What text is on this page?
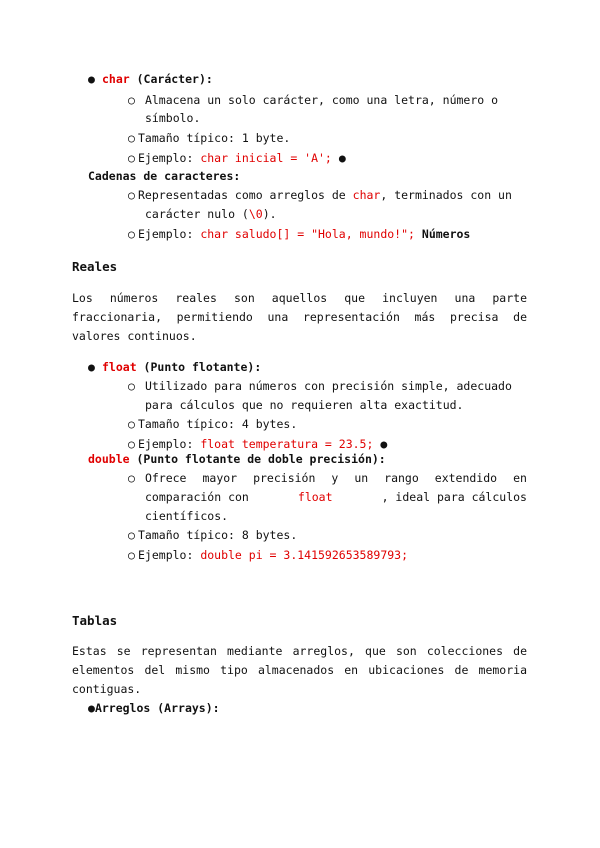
● char (Carácter):
○ Almacena un solo carácter, como una letra, número o
símbolo.
○ Tamaño típico: 1 byte.
○ Ejemplo: char inicial = 'A'; ●
Cadenas de caracteres:
○ Representadas como arreglos de char, terminados con un
carácter nulo (\0).
○ Ejemplo: char saludo[] = "Hola, mundo!"; Números
Reales
Los números reales son aquellos que incluyen una parte
fraccionaria, permitiendo una representación más precisa de
valores continuos.
● float (Punto flotante):
○ Utilizado para números con precisión simple, adecuado
para cálculos que no requieren alta exactitud.
○ Tamaño típico: 4 bytes.
○ Ejemplo: float temperatura = 23.5; ●
double (Punto flotante de doble precisión):
○ Ofrece mayor precisión y un rango extendido en
comparación con	float	, ideal para cálculos
científicos.
○ Tamaño típico: 8 bytes.
○ Ejemplo: double pi = 3.141592653589793;
Tablas
Estas se representan mediante arreglos, que son colecciones de
elementos del mismo tipo almacenados en ubicaciones de memoria
contiguas.
●Arreglos (Arrays):
